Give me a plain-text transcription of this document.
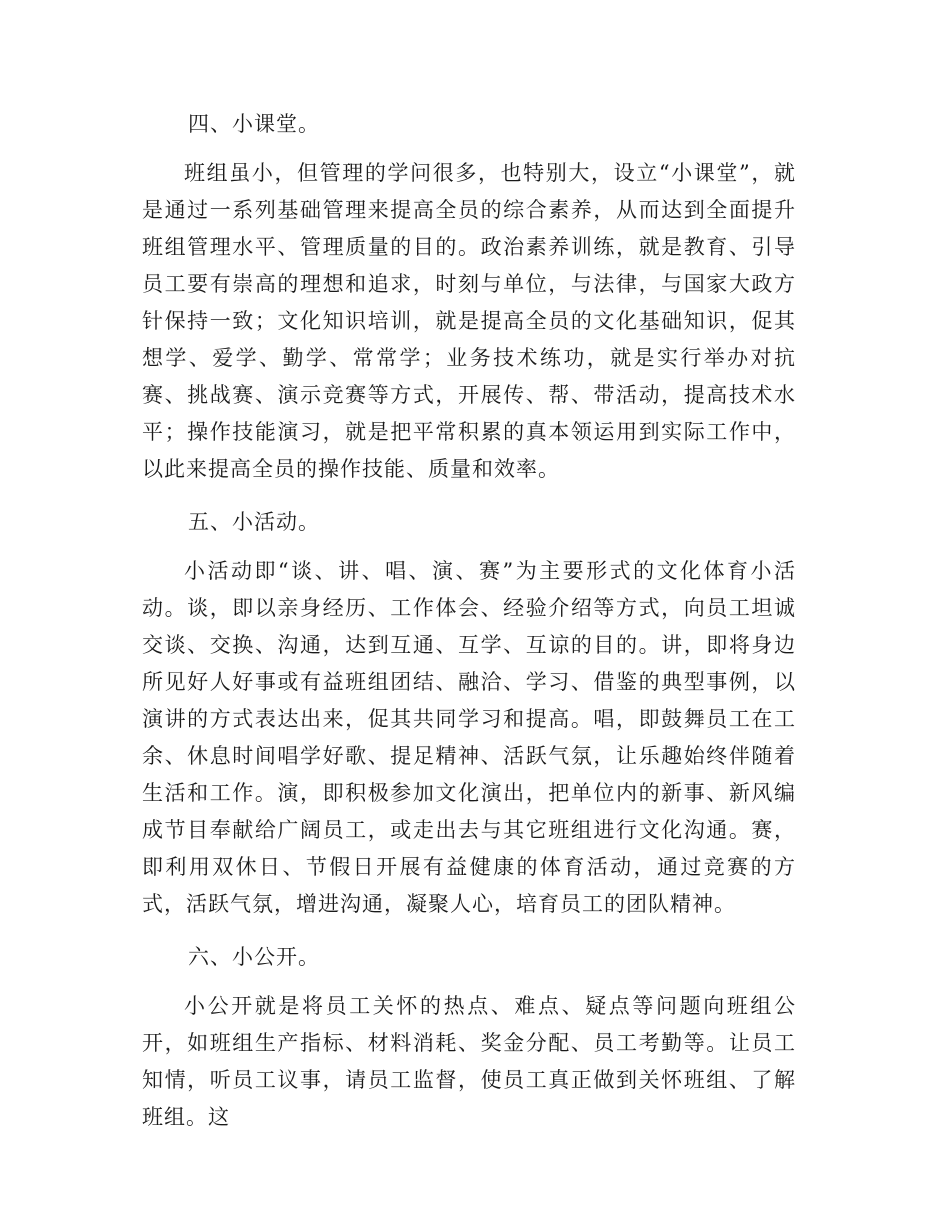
四、小课堂。

班组虽小，但管理的学问很多，也特别大，设立“小课堂”，就是通过一系列基础管理来提高全员的综合素养，从而达到全面提升班组管理水平、管理质量的目的。政治素养训练，就是教育、引导员工要有崇高的理想和追求，时刻与单位，与法律，与国家大政方针保持一致；文化知识培训，就是提高全员的文化基础知识，促其想学、爱学、勤学、常常学；业务技术练功，就是实行举办对抗赛、挑战赛、演示竞赛等方式，开展传、帮、带活动，提高技术水平；操作技能演习，就是把平常积累的真本领运用到实际工作中，以此来提高全员的操作技能、质量和效率。

五、小活动。

小活动即“谈、讲、唱、演、赛”为主要形式的文化体育小活动。谈，即以亲身经历、工作体会、经验介绍等方式，向员工坦诚交谈、交换、沟通，达到互通、互学、互谅的目的。讲，即将身边所见好人好事或有益班组团结、融洽、学习、借鉴的典型事例，以演讲的方式表达出来，促其共同学习和提高。唱，即鼓舞员工在工余、休息时间唱学好歌、提足精神、活跃气氛，让乐趣始终伴随着生活和工作。演，即积极参加文化演出，把单位内的新事、新风编成节目奉献给广阔员工，或走出去与其它班组进行文化沟通。赛，即利用双休日、节假日开展有益健康的体育活动，通过竞赛的方式，活跃气氛，增进沟通，凝聚人心，培育员工的团队精神。

六、小公开。

小公开就是将员工关怀的热点、难点、疑点等问题向班组公开，如班组生产指标、材料消耗、奖金分配、员工考勤等。让员工知情，听员工议事，请员工监督，使员工真正做到关怀班组、了解班组。这
